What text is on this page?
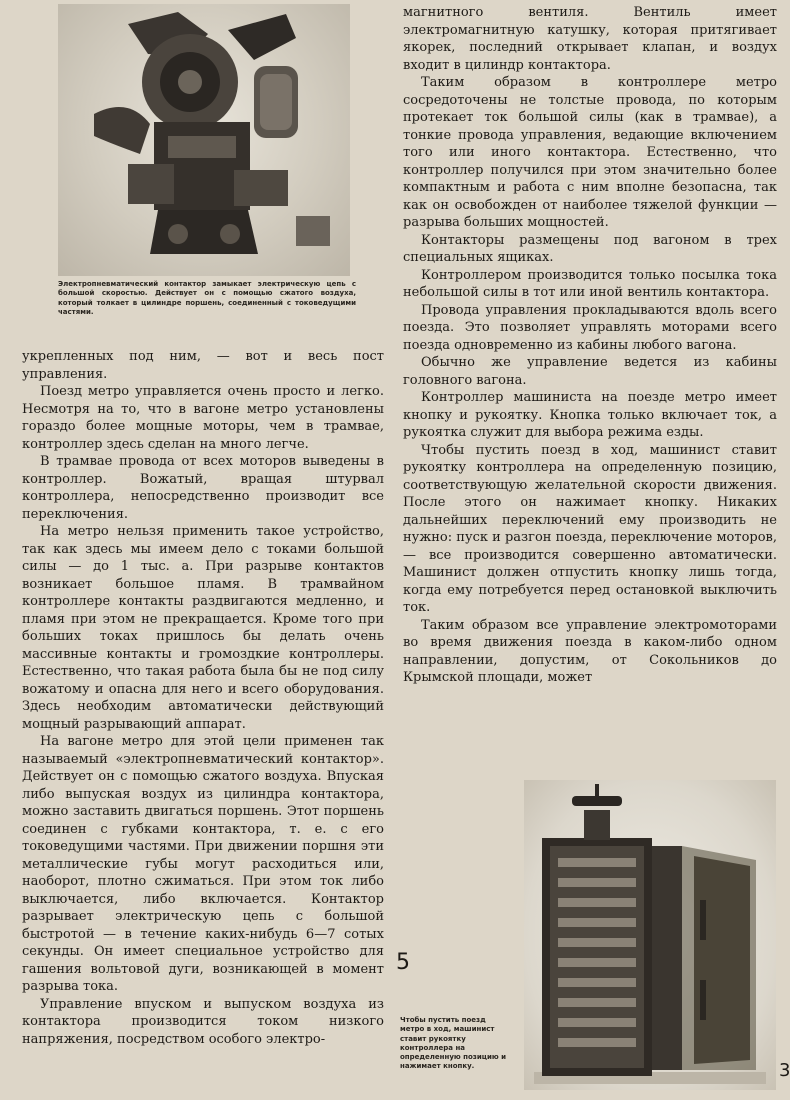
Электропневматический контактор замыкает электрическую цепь с большой скоростью. Действует он с помощью сжатого воздуха, который толкает в цилиндре поршень, соединенный с токоведущими частями.

укрепленных под ним, — вот и весь пост управления.

Поезд метро управляется очень просто и легко. Несмотря на то, что в вагоне метро установлены гораздо более мощные моторы, чем в трамвае, контроллер здесь сделан на много легче.

В трамвае провода от всех моторов выведены в контроллер. Вожатый, вращая штурвал контроллера, непосредственно производит все переключения.

На метро нельзя применить такое устройство, так как здесь мы имеем дело с токами большой силы — до 1 тыс. а. При разрыве контактов возникает большое пламя. В трамвайном контроллере контакты раздвигаются медленно, и пламя при этом не прекращается. Кроме того при больших токах пришлось бы делать очень массивные контакты и громоздкие контроллеры. Естественно, что такая работа была бы не под силу вожатому и опасна для него и всего оборудования. Здесь необходим автоматически действующий мощный разрывающий аппарат.

На вагоне метро для этой цели применен так называемый «электропневматический контактор». Действует он с помощью сжатого воздуха. Впуская либо выпуская воздух из цилиндра контактора, можно заставить двигаться поршень. Этот поршень соединен с губками контактора, т. е. с его токоведущими частями. При движении поршня эти металлические губы могут расходиться или, наоборот, плотно сжиматься. При этом ток либо выключается, либо включается. Контактор разрывает электрическую цепь с большой быстротой — в течение каких-нибудь 6—7 сотых секунды. Он имеет специальное устройство для гашения вольтовой дуги, возникающей в момент разрыва тока.

Управление впуском и выпуском воздуха из контактора производится током низкого напряжения, посредством особого электро-

магнитного вентиля. Вентиль имеет электромагнитную катушку, которая притягивает якорек, последний открывает клапан, и воздух входит в цилиндр контактора.

Таким образом в контроллере метро сосредоточены не толстые провода, по которым протекает ток большой силы (как в трамвае), а тонкие провода управления, ведающие включением того или иного контактора. Естественно, что контроллер получился при этом значительно более компактным и работа с ним вполне безопасна, так как он освобожден от наиболее тяжелой функции — разрыва больших мощностей.

Контакторы размещены под вагоном в трех специальных ящиках.

Контроллером производится только посылка тока небольшой силы в тот или иной вентиль контактора.

Провода управления прокладываются вдоль всего поезда. Это позволяет управлять моторами всего поезда одновременно из кабины любого вагона.

Обычно же управление ведется из кабины головного вагона.

Контроллер машиниста на поезде метро имеет кнопку и рукоятку. Кнопка только включает ток, а рукоятка служит для выбора режима езды.

Чтобы пустить поезд в ход, машинист ставит рукоятку контроллера на определенную позицию, соответствующую желательной скорости движения. После этого он нажимает кнопку. Никаких дальнейших переключений ему производить не нужно: пуск и разгон поезда, переключение моторов, — все производится совершенно автоматически. Машинист должен отпустить кнопку лишь тогда, когда ему потребуется перед остановкой выключить ток.

Таким образом все управление электромоторами во время движения поезда в каком-либо одном направлении, допустим, от Сокольников до Крымской площади, может

5

Чтобы пустить поезд метро в ход, машинист ставит рукоятку контроллера на определенную позицию и нажимает кнопку.	3
